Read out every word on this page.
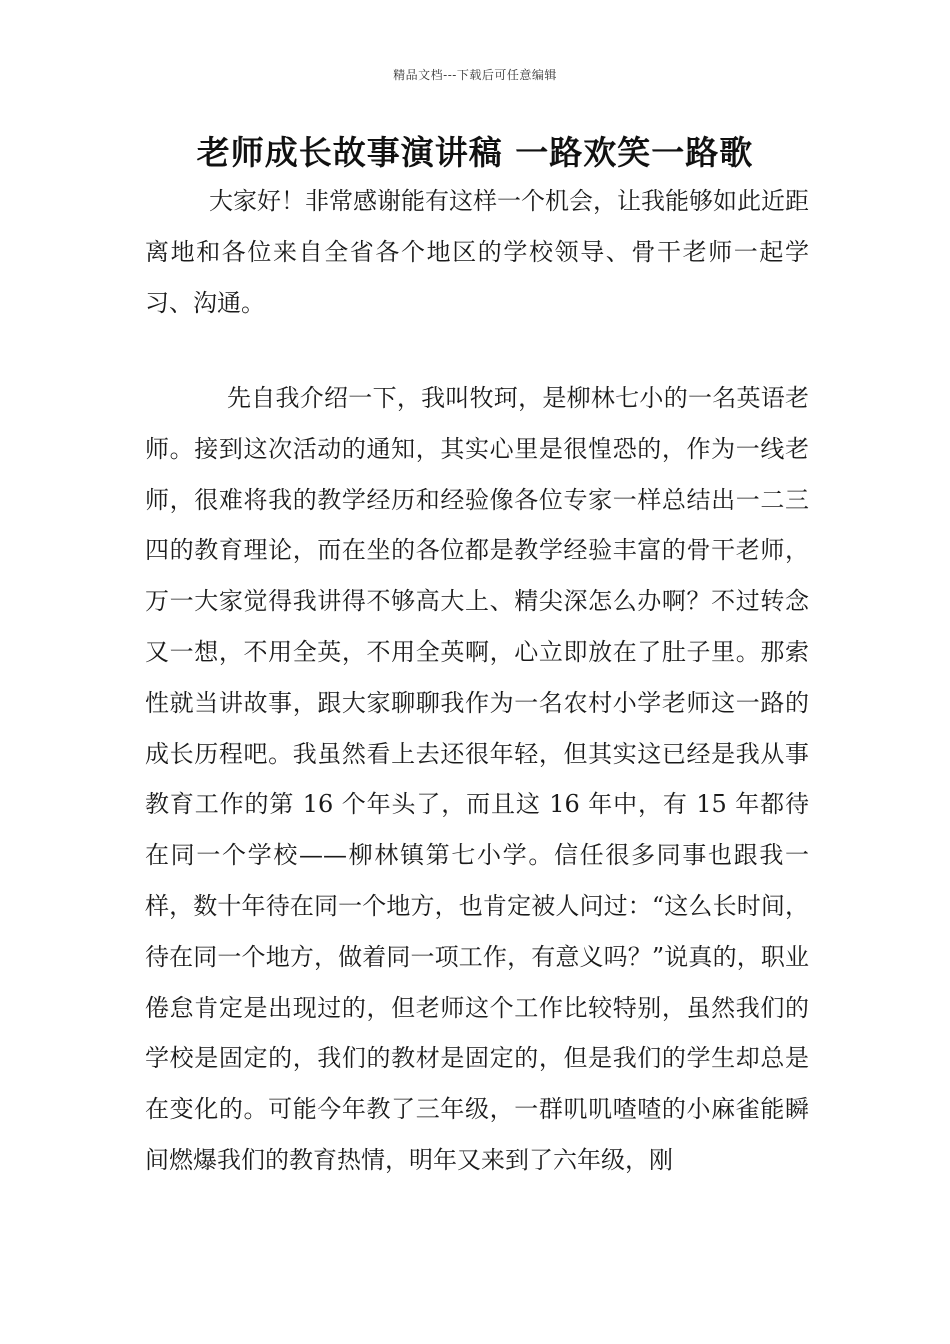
精品文档---下载后可任意编辑
老师成长故事演讲稿 一路欢笑一路歌

大家好！非常感谢能有这样一个机会，让我能够如此近距离地和各位来自全省各个地区的学校领导、骨干老师一起学习、沟通。

先自我介绍一下，我叫牧珂，是柳林七小的一名英语老师。接到这次活动的通知，其实心里是很惶恐的，作为一线老师，很难将我的教学经历和经验像各位专家一样总结出一二三四的教育理论，而在坐的各位都是教学经验丰富的骨干老师，万一大家觉得我讲得不够高大上、精尖深怎么办啊？不过转念又一想，不用全英，不用全英啊，心立即放在了肚子里。那索性就当讲故事，跟大家聊聊我作为一名农村小学老师这一路的成长历程吧。我虽然看上去还很年轻，但其实这已经是我从事教育工作的第 16 个年头了，而且这 16 年中，有 15 年都待在同一个学校——柳林镇第七小学。信任很多同事也跟我一样，数十年待在同一个地方，也肯定被人问过：“这么长时间，待在同一个地方，做着同一项工作，有意义吗？”说真的，职业倦怠肯定是出现过的，但老师这个工作比较特别，虽然我们的学校是固定的，我们的教材是固定的，但是我们的学生却总是在变化的。可能今年教了三年级，一群叽叽喳喳的小麻雀能瞬间燃爆我们的教育热情，明年又来到了六年级，刚
